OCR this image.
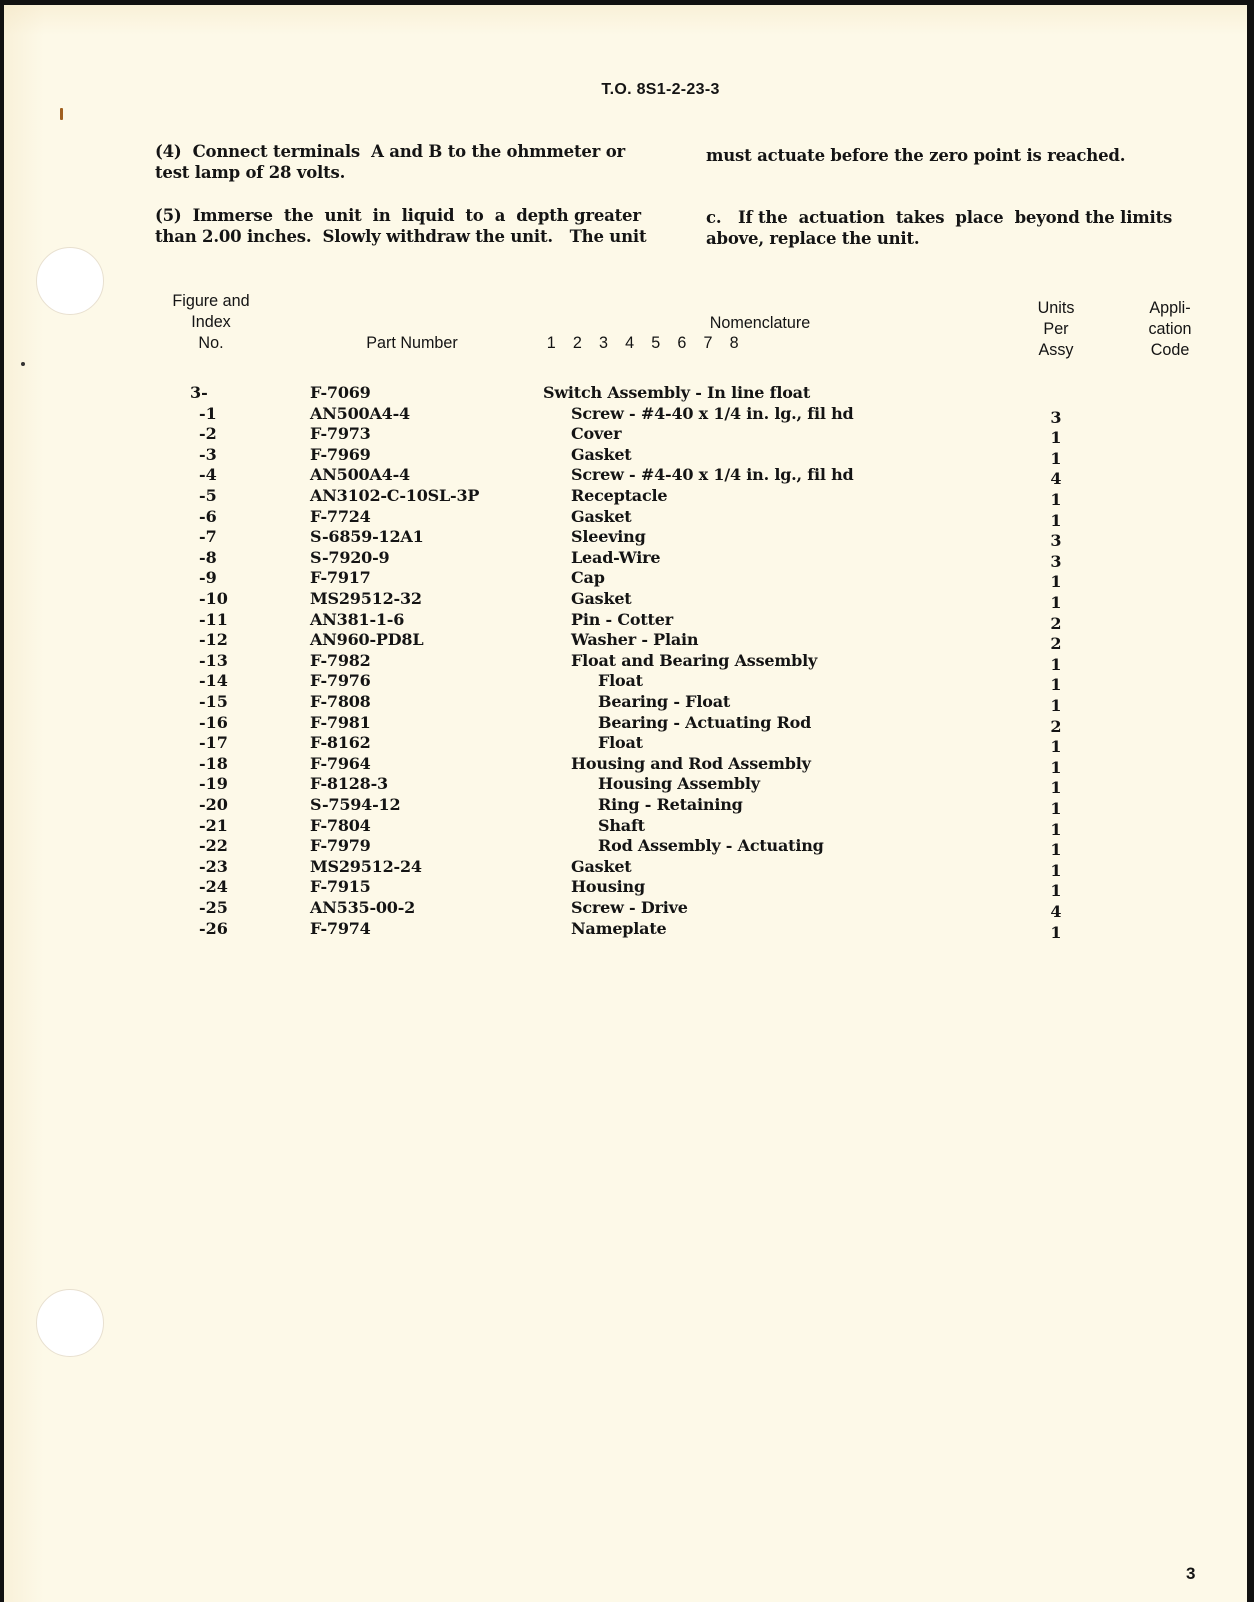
T.O. 8S1-2-23-3
(4)  Connect terminals  A and B to the ohmmeter or
test lamp of 28 volts.
(5)  Immerse  the  unit  in  liquid  to  a  depth greater
than 2.00 inches.  Slowly withdraw the unit.   The unit
must actuate before the zero point is reached.
c.   If the  actuation  takes  place  beyond the limits
above, replace the unit.
Figure and
Index
No.	Part Number
Nomenclature
1 2 3 4 5 6 7 8
Units
Per
Assy
Appli-
cation
Code
3-	F-7069	Switch Assembly - In line float
-1	AN500A4-4	Screw - #4-40 x 1/4 in. lg., fil hd	3
-2	F-7973	Cover	1
-3	F-7969	Gasket	1
-4	AN500A4-4	Screw - #4-40 x 1/4 in. lg., fil hd	4
-5	AN3102-C-10SL-3P	Receptacle	1
-6	F-7724	Gasket	1
-7	S-6859-12A1	Sleeving	3
-8	S-7920-9	Lead-Wire	3
-9	F-7917	Cap	1
-10	MS29512-32	Gasket	1
-11	AN381-1-6	Pin - Cotter	2
-12	AN960-PD8L	Washer - Plain	2
-13	F-7982	Float and Bearing Assembly	1
-14	F-7976	Float	1
-15	F-7808	Bearing - Float	1
-16	F-7981	Bearing - Actuating Rod	2
-17	F-8162	Float	1
-18	F-7964	Housing and Rod Assembly	1
-19	F-8128-3	Housing Assembly	1
-20	S-7594-12	Ring - Retaining	1
-21	F-7804	Shaft	1
-22	F-7979	Rod Assembly - Actuating	1
-23	MS29512-24	Gasket	1
-24	F-7915	Housing	1
-25	AN535-00-2	Screw - Drive	4
-26	F-7974	Nameplate	1
3
